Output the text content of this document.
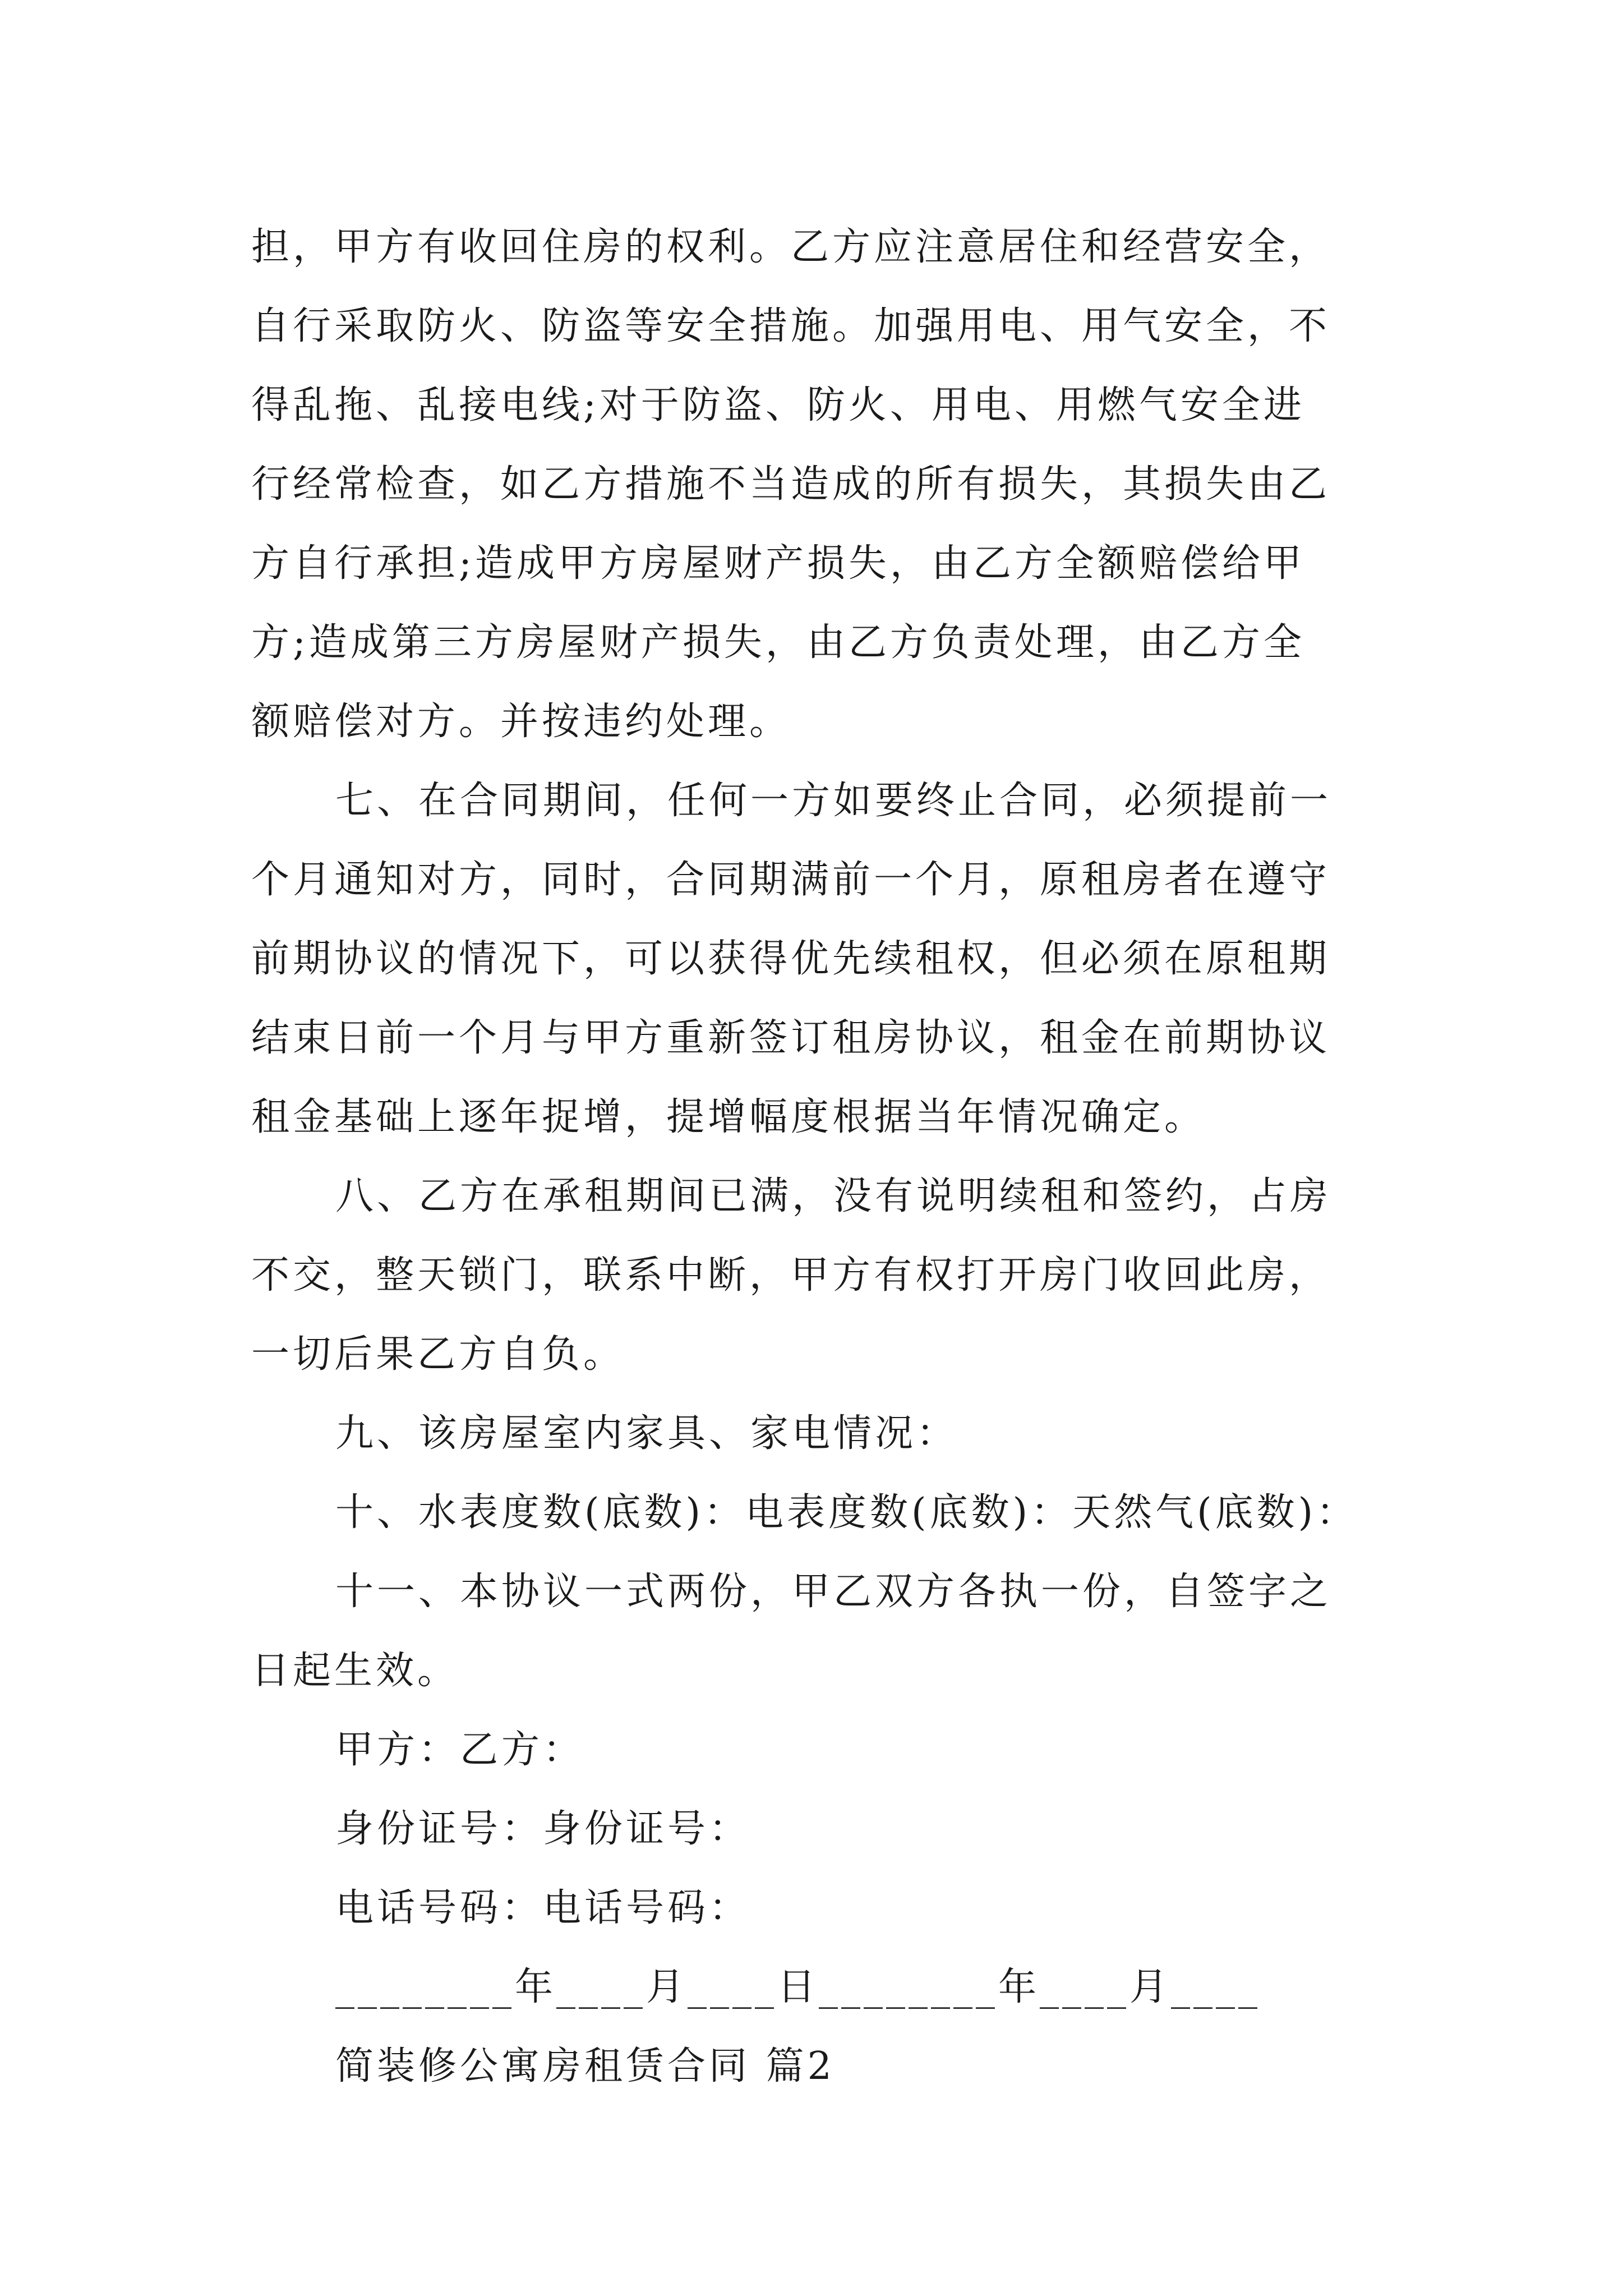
担，甲方有收回住房的权利。乙方应注意居住和经营安全，
自行采取防火、防盗等安全措施。加强用电、用气安全，不
得乱拖、乱接电线;对于防盗、防火、用电、用燃气安全进
行经常检查，如乙方措施不当造成的所有损失，其损失由乙
方自行承担;造成甲方房屋财产损失，由乙方全额赔偿给甲
方;造成第三方房屋财产损失，由乙方负责处理，由乙方全
额赔偿对方。并按违约处理。
七、在合同期间，任何一方如要终止合同，必须提前一
个月通知对方，同时，合同期满前一个月，原租房者在遵守
前期协议的情况下，可以获得优先续租权，但必须在原租期
结束日前一个月与甲方重新签订租房协议，租金在前期协议
租金基础上逐年捉增，提增幅度根据当年情况确定。
八、乙方在承租期间已满，没有说明续租和签约，占房
不交，整天锁门，联系中断，甲方有权打开房门收回此房，
一切后果乙方自负。
九、该房屋室内家具、家电情况：
十、水表度数(底数)：电表度数(底数)：天然气(底数)：
十一、本协议一式两份，甲乙双方各执一份，自签字之
日起生效。
甲方：乙方：
身份证号：身份证号：
电话号码：电话号码：
________年____月____日________年____月____
简装修公寓房租赁合同 篇2
